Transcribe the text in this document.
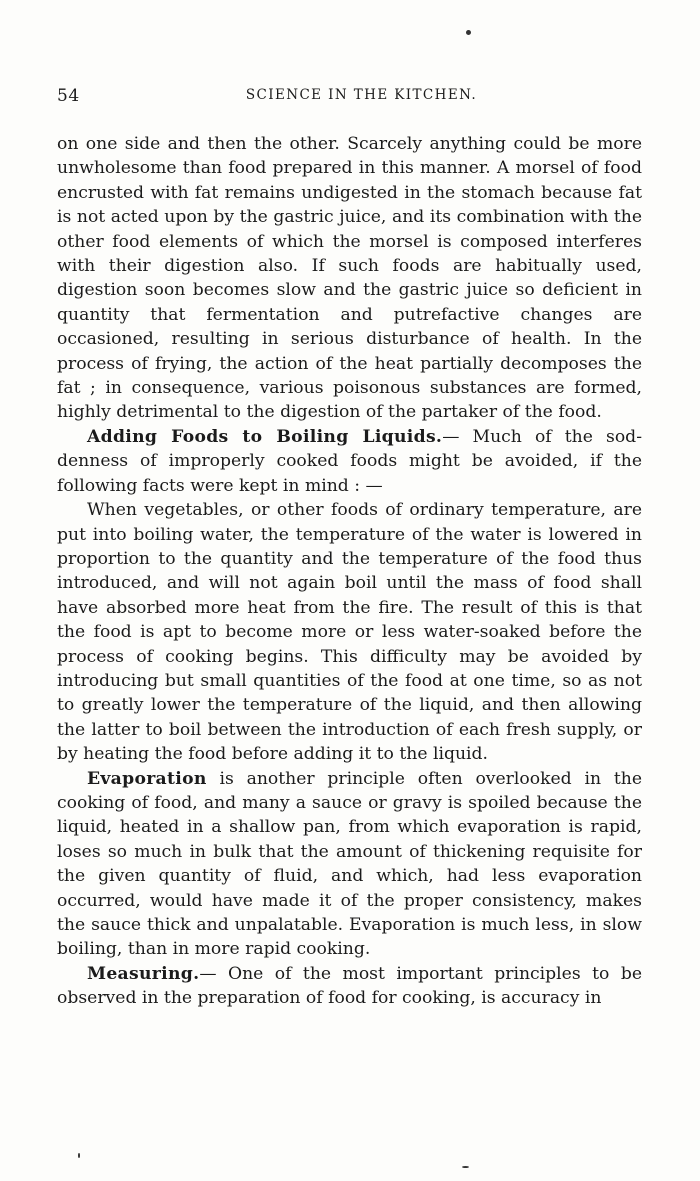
54	SCIENCE IN THE KITCHEN.

on one side and then the other. Scarcely anything could be more unwholesome than food prepared in this manner. A morsel of food encrusted with fat remains undigested in the stomach because fat is not acted upon by the gastric juice, and its combination with the other food elements of which the morsel is composed interferes with their digestion also. If such foods are habitually used, digestion soon becomes slow and the gastric juice so deficient in quantity that fermentation and putrefactive changes are occasioned, resulting in serious disturbance of health. In the process of frying, the action of the heat partially decomposes the fat ; in consequence, various poisonous substances are formed, highly detrimental to the digestion of the partaker of the food.

Adding Foods to Boiling Liquids.— Much of the soddenness of improperly cooked foods might be avoided, if the following facts were kept in mind : —

When vegetables, or other foods of ordinary temperature, are put into boiling water, the temperature of the water is lowered in proportion to the quantity and the temperature of the food thus introduced, and will not again boil until the mass of food shall have absorbed more heat from the fire. The result of this is that the food is apt to become more or less water-soaked before the process of cooking begins. This difficulty may be avoided by introducing but small quantities of the food at one time, so as not to greatly lower the temperature of the liquid, and then allowing the latter to boil between the introduction of each fresh supply, or by heating the food before adding it to the liquid.

Evaporation is another principle often overlooked in the cooking of food, and many a sauce or gravy is spoiled because the liquid, heated in a shallow pan, from which evaporation is rapid, loses so much in bulk that the amount of thickening requisite for the given quantity of fluid, and which, had less evaporation occurred, would have made it of the proper consistency, makes the sauce thick and unpalatable. Evaporation is much less, in slow boiling, than in more rapid cooking.

Measuring.— One of the most important principles to be observed in the preparation of food for cooking, is accuracy in
